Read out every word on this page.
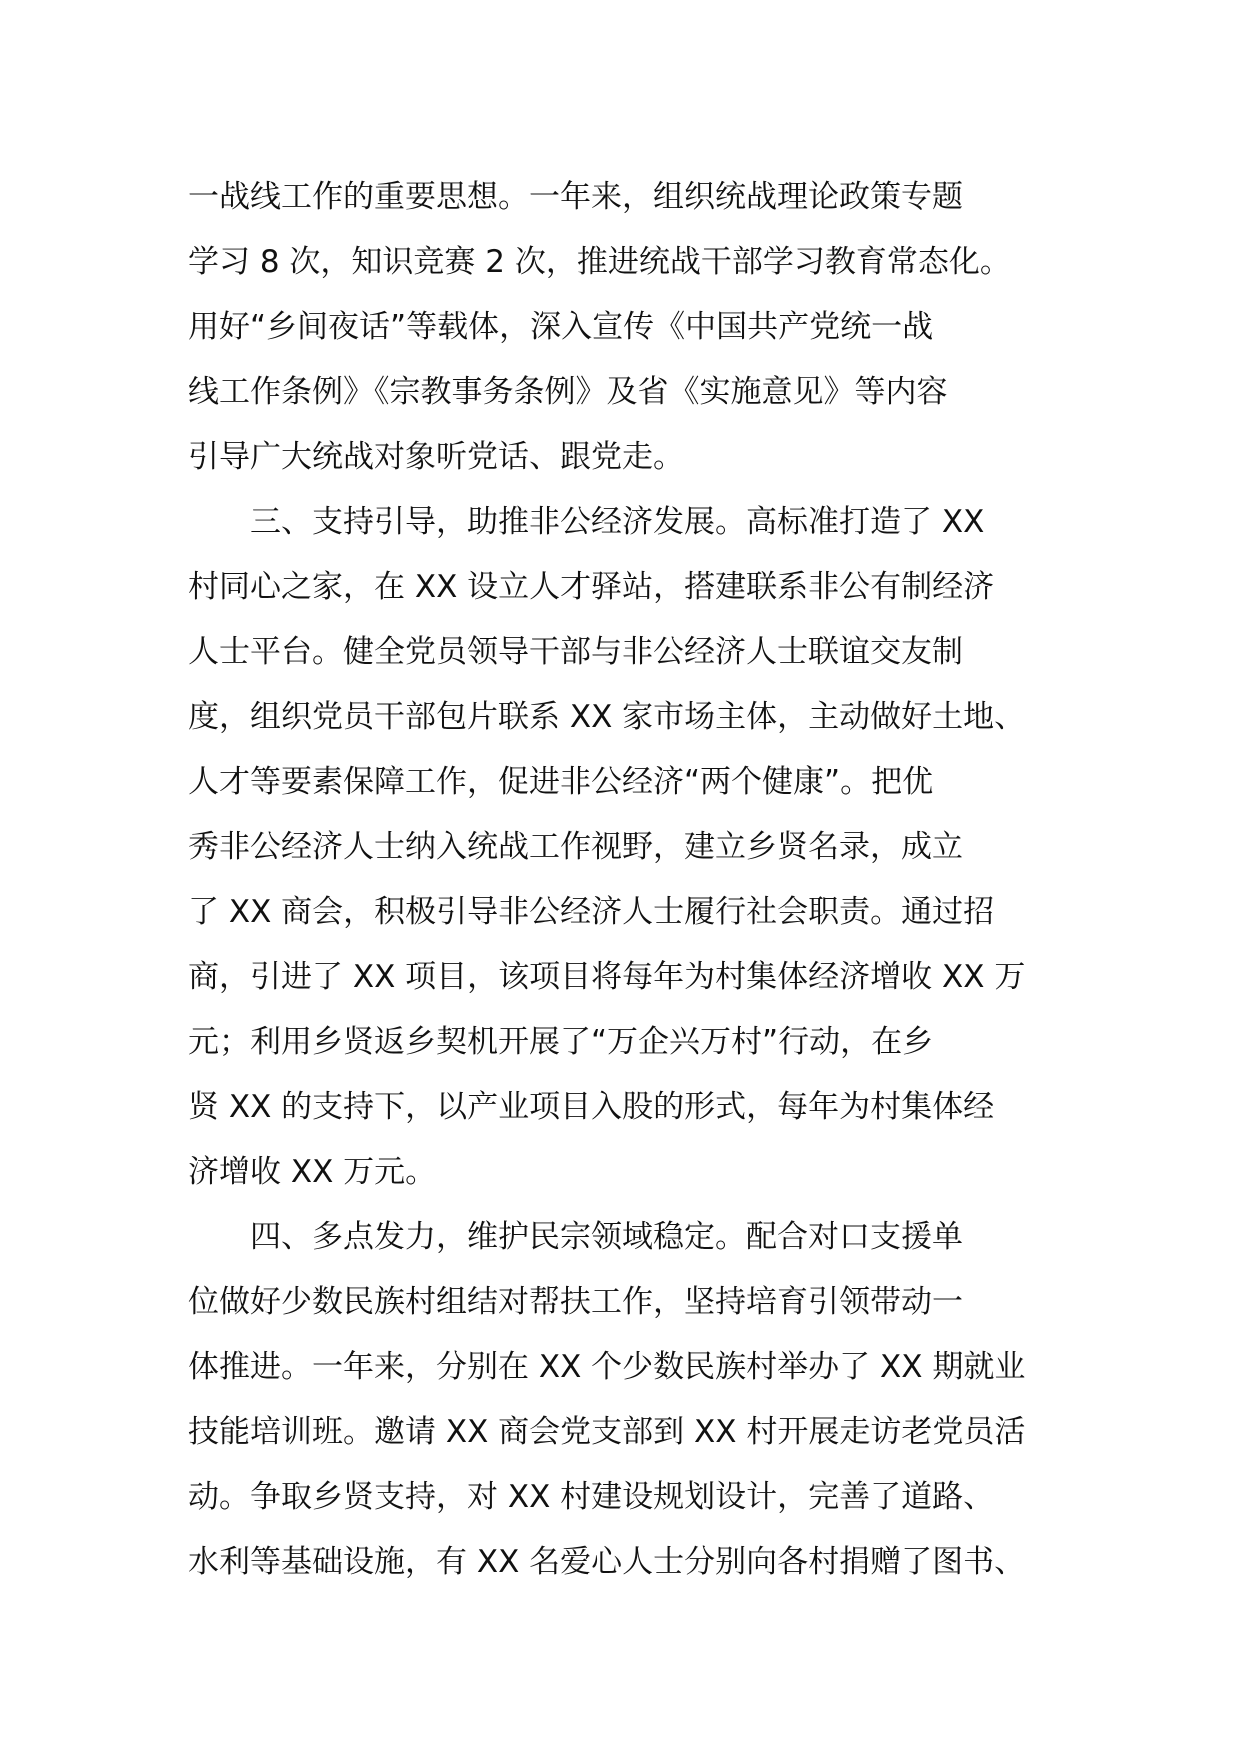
一战线工作的重要思想。一年来，组织统战理论政策专题
学习 8 次，知识竞赛 2 次，推进统战干部学习教育常态化。
用好“乡间夜话”等载体，深入宣传《中国共产党统一战
线工作条例》《宗教事务条例》及省《实施意见》等内容
引导广大统战对象听党话、跟党走。
　　三、支持引导，助推非公经济发展。高标准打造了 XX
村同心之家，在 XX 设立人才驿站，搭建联系非公有制经济
人士平台。健全党员领导干部与非公经济人士联谊交友制
度，组织党员干部包片联系 XX 家市场主体，主动做好土地、
人才等要素保障工作，促进非公经济“两个健康”。把优
秀非公经济人士纳入统战工作视野，建立乡贤名录，成立
了 XX 商会，积极引导非公经济人士履行社会职责。通过招
商，引进了 XX 项目，该项目将每年为村集体经济增收 XX 万
元；利用乡贤返乡契机开展了“万企兴万村”行动，在乡
贤 XX 的支持下，以产业项目入股的形式，每年为村集体经
济增收 XX 万元。
　　四、多点发力，维护民宗领域稳定。配合对口支援单
位做好少数民族村组结对帮扶工作，坚持培育引领带动一
体推进。一年来，分别在 XX 个少数民族村举办了 XX 期就业
技能培训班。邀请 XX 商会党支部到 XX 村开展走访老党员活
动。争取乡贤支持，对 XX 村建设规划设计，完善了道路、
水利等基础设施，有 XX 名爱心人士分别向各村捐赠了图书、
